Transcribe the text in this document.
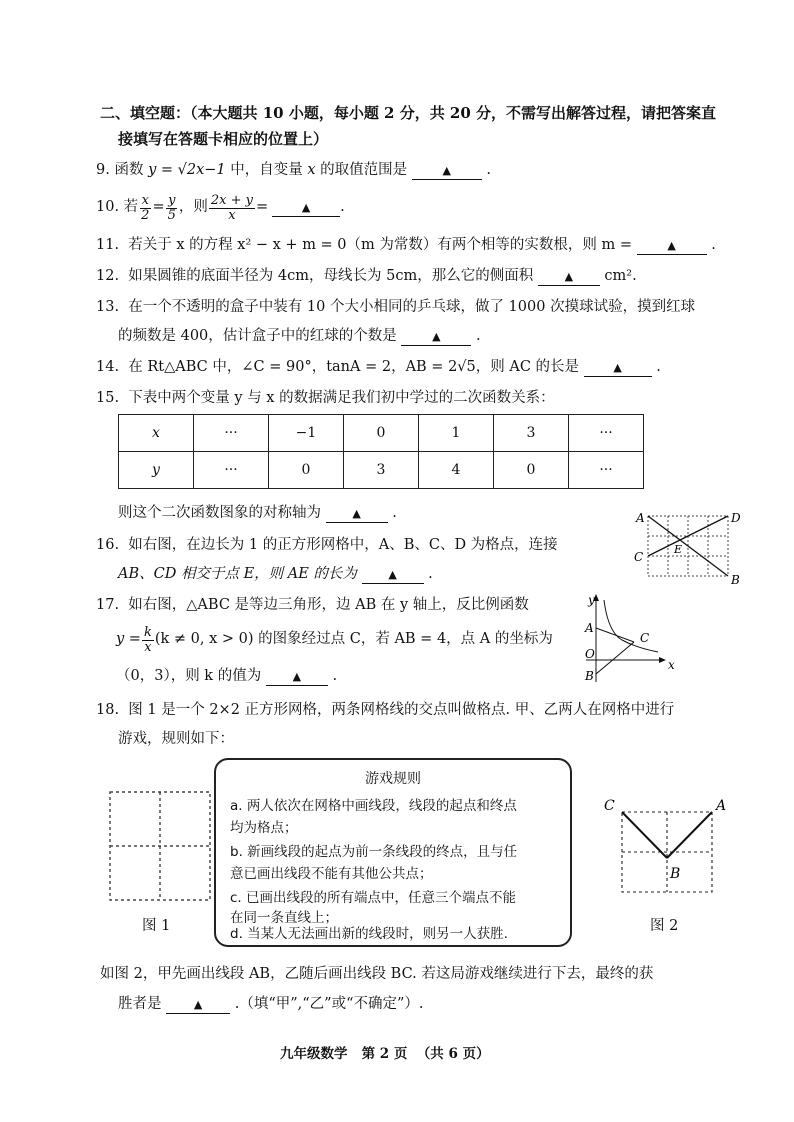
二、填空题：（本大题共 10 小题，每小题 2 分，共 20 分，不需写出解答过程，请把答案直
接填写在答题卡相应的位置上）
9. 函数 y = √2x−1 中，自变量 x 的取值范围是	▲ .
10.
若 $\frac{x}{2} = \frac{y}{5}$ ，则 $\frac{2x + y}{x}$ =	▲	.
11. 若关于 x 的方程 x² − x + m = 0（m 为常数）有两个相等的实数根，则 m =	▲ .
12. 如果圆锥的底面半径为 4cm，母线长为 5cm，那么它的侧面积	▲ cm².
13. 在一个不透明的盒子中装有 10 个大小相同的乒乓球，做了 1000 次摸球试验，摸到红球
的频数是 400，估计盒子中的红球的个数是	▲ .
14. 在 Rt△ABC 中，∠C = 90°，tanA = 2，AB = 2√5，则 AC 的长是	▲ .
15. 下表中两个变量 y 与 x 的数据满足我们初中学过的二次函数关系：
x	···	−1	0	1	3	···
y	···	0	3	4	0	···
则这个二次函数图象的对称轴为	▲ .
16. 如右图，在边长为 1 的正方形网格中，A、B、C、D 为格点，连接
AB、CD 相交于点 E，则 AE 的长为	▲ .
A	D
C
B
E
17. 如右图，△ABC 是等边三角形，边 AB 在 y 轴上，反比例函数
$y = \frac{k}{x} (k \ne 0$, x > 0) 的图象经过点 C，若 AB = 4，点 A 的坐标为
（0，3），则 k 的值为	▲ .
y
x
A
O
B
C
18. 图 1 是一个 2×2 正方形网格，两条网格线的交点叫做格点. 甲、乙两人在网格中进行
游戏，规则如下：
图 1
游戏规则
a. 两人依次在网格中画线段，线段的起点和终点
均为格点；
b. 新画线段的起点为前一条线段的终点，且与任
意已画出线段不能有其他公共点；
c. 已画出线段的所有端点中，任意三个端点不能
在同一条直线上；
d. 当某人无法画出新的线段时，则另一人获胜.
C	A
B
图 2
如图 2，甲先画出线段 AB，乙随后画出线段 BC. 若这局游戏继续进行下去，最终的获
胜者是	▲ .（填“甲”,“乙”或“不确定”）.
九年级数学   第 2 页  （共 6 页）
